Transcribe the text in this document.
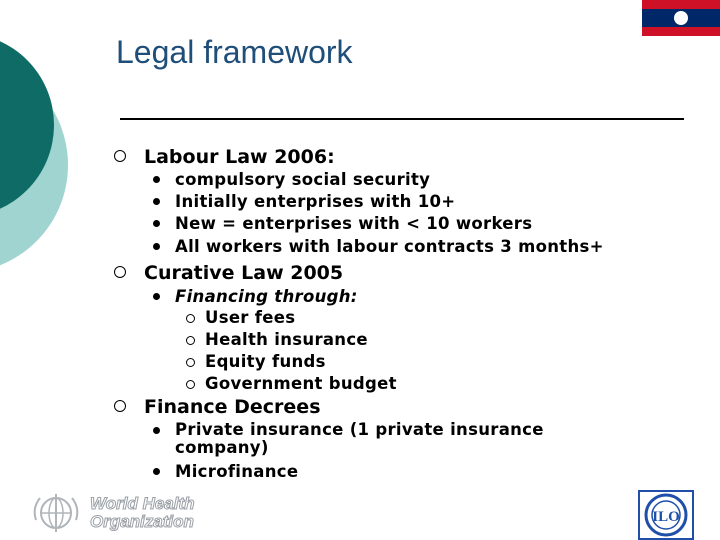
Legal framework
Labour Law 2006:
compulsory social security
Initially enterprises with 10+
New = enterprises with < 10 workers
All workers with labour contracts 3 months+
Curative Law 2005
Financing through:
User fees
Health insurance
Equity funds
Government budget
Finance Decrees
Private insurance (1 private insurance company)
Microfinance
World Health
Organization	ILO
